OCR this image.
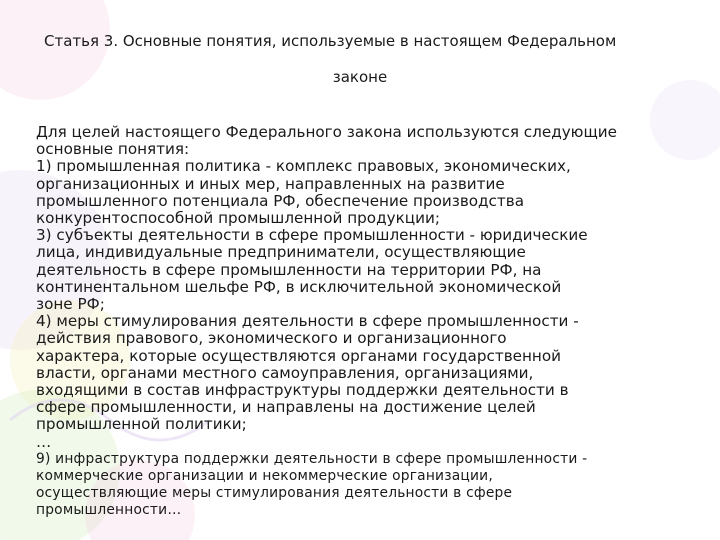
Статья 3. Основные понятия, используемые в настоящем Федеральном

законе

Для целей настоящего Федерального закона используются следующие
основные понятия:

1) промышленная политика - комплекс правовых, экономических,
организационных и иных мер, направленных на развитие
промышленного потенциала РФ, обеспечение производства
конкурентоспособной промышленной продукции;

3) субъекты деятельности в сфере промышленности - юридические
лица, индивидуальные предприниматели, осуществляющие
деятельность в сфере промышленности на территории РФ, на
континентальном шельфе РФ, в исключительной экономической
зоне РФ;

4) меры стимулирования деятельности в сфере промышленности -
действия правового, экономического и организационного
характера, которые осуществляются органами государственной
власти, органами местного самоуправления, организациями,
входящими в состав инфраструктуры поддержки деятельности в
сфере промышленности, и направлены на достижение целей
промышленной политики;

…

9) инфраструктура поддержки деятельности в сфере промышленности -
коммерческие организации и некоммерческие организации,
осуществляющие меры стимулирования деятельности в сфере
промышленности…
